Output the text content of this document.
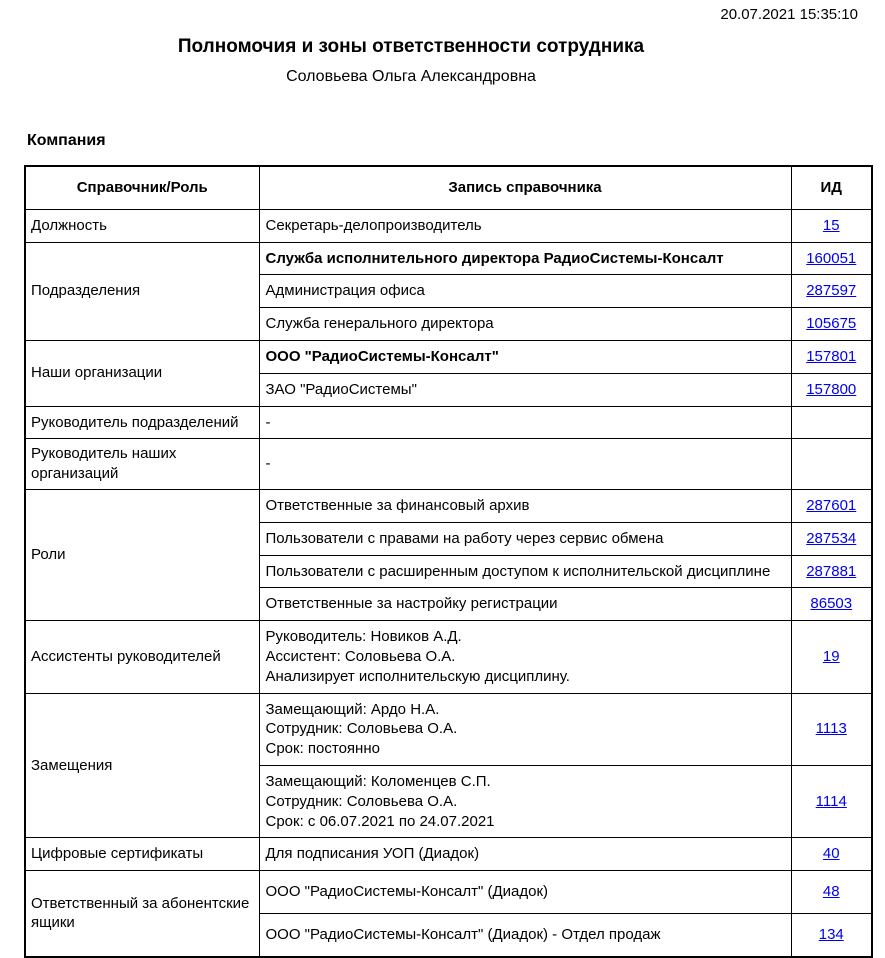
20.07.2021 15:35:10
Полномочия и зоны ответственности сотрудника
Соловьева Ольга Александровна
Компания
Справочник/Роль	Запись справочника	ИД
Должность	Секретарь-делопроизводитель	15
Подразделения	Служба исполнительного директора РадиоСистемы-Консалт	160051
	Администрация офиса	287597
	Служба генерального директора	105675
Наши организации	ООО "РадиоСистемы-Консалт"	157801
	ЗАО "РадиоСистемы"	157800
Руководитель подразделений	-	
Руководитель наших организаций	-	
Роли	Ответственные за финансовый архив	287601
	Пользователи с правами на работу через сервис обмена	287534
	Пользователи с расширенным доступом к исполнительской дисциплине	287881
	Ответственные за настройку регистрации	86503
Ассистенты руководителей	Руководитель: Новиков А.Д.
Ассистент: Соловьева О.А.
Анализирует исполнительскую дисциплину.	19
Замещения	Замещающий: Ардо Н.А.
Сотрудник: Соловьева О.А.
Срок: постоянно	1113

	Замещающий: Коломенцев С.П.
Сотрудник: Соловьева О.А.
Срок: с 06.07.2021 по 24.07.2021	1114
Цифровые сертификаты	Для подписания УОП (Диадок)	40
Ответственный за абонентские ящики	ООО "РадиоСистемы-Консалт" (Диадок)	48
	ООО "РадиоСистемы-Консалт" (Диадок) - Отдел продаж	134
